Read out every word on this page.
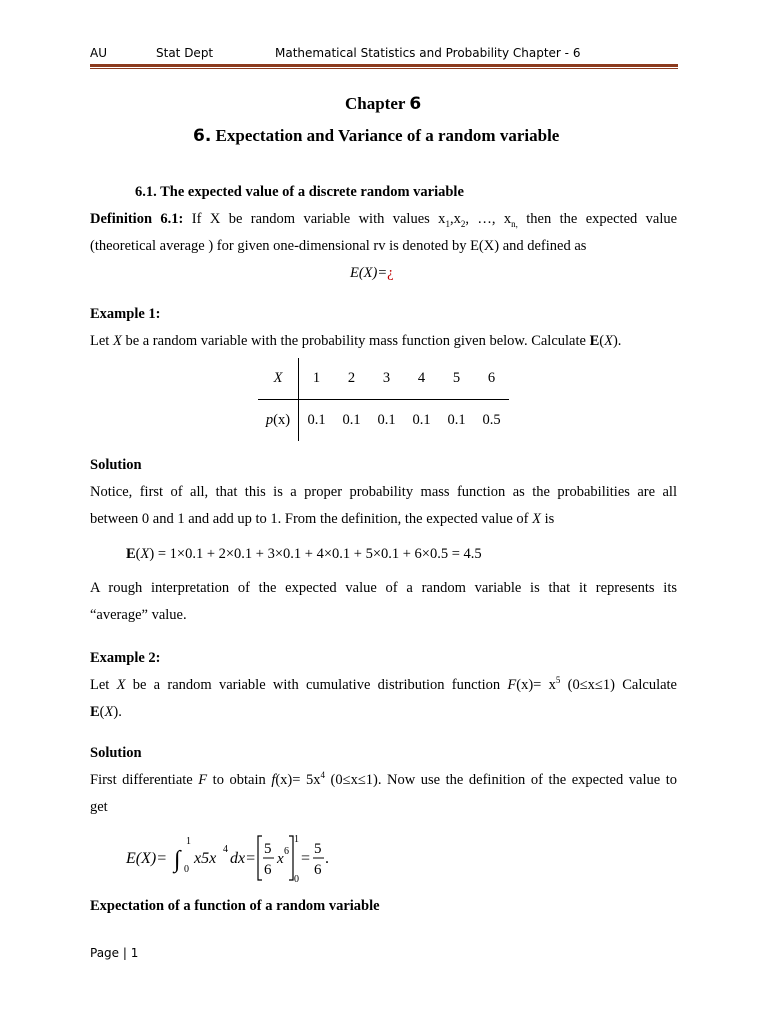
AU	Stat Dept	Mathematical Statistics and Probability Chapter - 6
Chapter 6
6. Expectation and Variance of a random variable
6.1. The expected value of a discrete random variable
Definition 6.1: If X be random variable with values $x_1,x_2$, …, $x_{n,}$ then the expected value
(theoretical average ) for given one-dimensional rv is denoted by E(X) and defined as
E(X)=¿
Example 1:
Let X be a random variable with the probability mass function given below. Calculate E(X).
X	1	2	3	4	5	6
p(x)	0.1	0.1	0.1	0.1	0.1	0.5
Solution
Notice, first of all, that this is a proper probability mass function as the probabilities are all
between 0 and 1 and add up to 1. From the definition, the expected value of X is
E(X) = 1×0.1 + 2×0.1 + 3×0.1 + 4×0.1 + 5×0.1 + 6×0.5 = 4.5
A rough interpretation of the expected value of a random variable is that it represents its
“average” value.
Example 2:
Let X be a random variable with cumulative distribution function $F(x)= x^5$ (0≤x≤1) Calculate
E(X).
Solution
First differentiate F to obtain $f(x)= 5x^4$ (0≤x≤1). Now use the definition of the expected value to
get
E(X)= ∫
1
0
x5x
4
dx=
5
6
x 6
1
0
=
5
6
.
Expectation of a function of a random variable
Page | 1
